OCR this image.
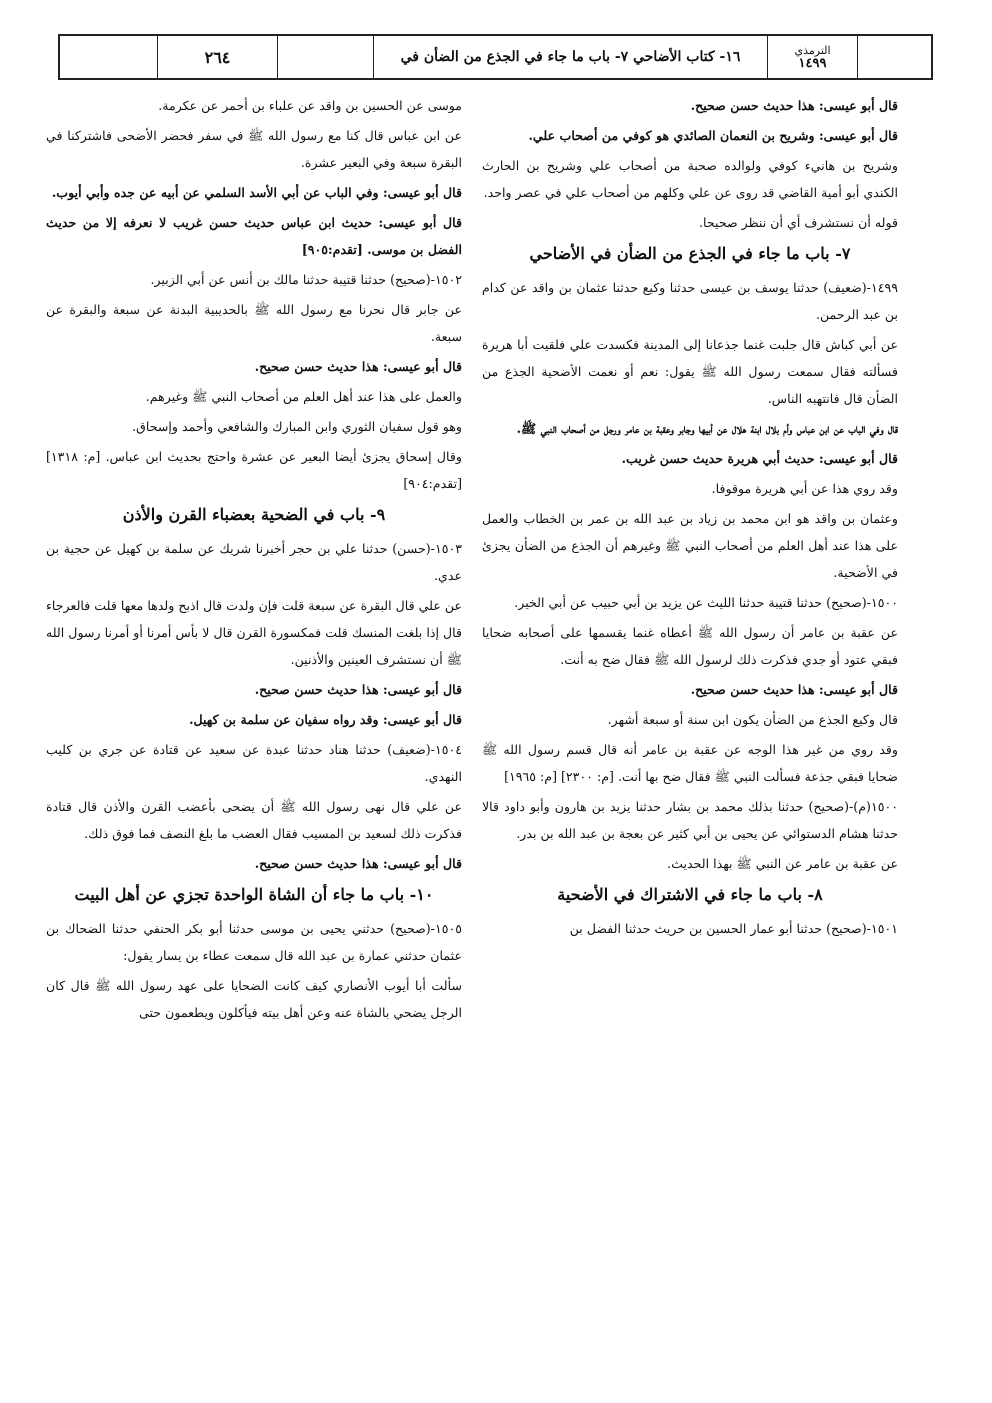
الترمذي
١٤٩٩
١٦- كتاب الأضاحي ٧- باب ما جاء في الجذع من الضأن في
٢٦٤

قال أبو عيسى: هذا حديث حسن صحيح.

قال أبو عيسى: وشريح بن النعمان الصائدي هو كوفي من أصحاب علي.

وشريح بن هانيء كوفي ولوالده صحبة من أصحاب علي وشريح بن الحارث الكندي أبو أمية القاضي قد روى عن علي وكلهم من أصحاب علي في عصر واحد.

قوله أن نستشرف أي أن ننظر صحيحا.

٧- باب ما جاء في الجذع من الضأن في الأضاحي

١٤٩٩-(ضعيف) حدثنا يوسف بن عيسى حدثنا وكيع حدثنا عثمان بن واقد عن كدام بن عبد الرحمن.

عن أبي كباش قال جلبت غنما جذعانا إلى المدينة فكسدت علي فلقيت أبا هريرة فسألته فقال سمعت رسول الله ﷺ يقول: نعم أو نعمت الأضحية الجذع من الضأن قال فانتهبه الناس.

قال وفي الباب عن ابن عباس وأم بلال ابنة هلال عن أبيها وجابر وعقبة بن عامر ورجل من أصحاب النبي ﷺ.

قال أبو عيسى: حديث أبي هريرة حديث حسن غريب.

وقد روي هذا عن أبي هريرة موقوفا.

وعثمان بن واقد هو ابن محمد بن زياد بن عبد الله بن عمر بن الخطاب والعمل على هذا عند أهل العلم من أصحاب النبي ﷺ وغيرهم أن الجذع من الضأن يجزئ في الأضحية.

١٥٠٠-(صحيح) حدثنا قتيبة حدثنا الليث عن يزيد بن أبي حبيب عن أبي الخير.

عن عقبة بن عامر أن رسول الله ﷺ أعطاه غنما يقسمها على أصحابه ضحايا فبقي عتود أو جدي فذكرت ذلك لرسول الله ﷺ فقال ضح به أنت.

قال أبو عيسى: هذا حديث حسن صحيح.

قال وكيع الجذع من الضأن يكون ابن سنة أو سبعة أشهر.

وقد روي من غير هذا الوجه عن عقبة بن عامر أنه قال قسم رسول الله ﷺ ضحايا فبقي جذعة فسألت النبي ﷺ فقال ضح بها أنت. [م: ٢٣٠٠] [م: ١٩٦٥]

١٥٠٠(م)-(صحيح) حدثنا بذلك محمد بن بشار حدثنا يزيد بن هارون وأبو داود قالا حدثنا هشام الدستوائي عن يحيى بن أبي كثير عن بعجة بن عبد الله بن بدر.

عن عقبة بن عامر عن النبي ﷺ بهذا الحديث.

٨- باب ما جاء في الاشتراك في الأضحية

١٥٠١-(صحيح) حدثنا أبو عمار الحسين بن حريث حدثنا الفضل بن

موسى عن الحسين بن واقد عن علباء بن أحمر عن عكرمة.

عن ابن عباس قال كنا مع رسول الله ﷺ في سفر فحضر الأضحى فاشتركنا في البقرة سبعة وفي البعير عشرة.

قال أبو عيسى: وفي الباب عن أبي الأسد السلمي عن أبيه عن جده وأبي أيوب.

قال أبو عيسى: حديث ابن عباس حديث حسن غريب لا نعرفه إلا من حديث الفضل بن موسى. [تقدم:٩٠٥]

١٥٠٢-(صحيح) حدثنا قتيبة حدثنا مالك بن أنس عن أبي الزبير.

عن جابر قال نحرنا مع رسول الله ﷺ بالحديبية البدنة عن سبعة والبقرة عن سبعة.

قال أبو عيسى: هذا حديث حسن صحيح.

والعمل على هذا عند أهل العلم من أصحاب النبي ﷺ وغيرهم.

وهو قول سفيان الثوري وابن المبارك والشافعي وأحمد وإسحاق.

وقال إسحاق يجزئ أيضا البعير عن عشرة واحتج بحديث ابن عباس. [م: ١٣١٨] [تقدم:٩٠٤]

٩- باب في الضحية بعضباء القرن والأذن

١٥٠٣-(حسن) حدثنا علي بن حجر أخبرنا شريك عن سلمة بن كهيل عن حجية بن عدي.

عن علي قال البقرة عن سبعة قلت فإن ولدت قال اذبح ولدها معها قلت فالعرجاء قال إذا بلغت المنسك قلت فمكسورة القرن قال لا بأس أمرنا أو أمرنا رسول الله ﷺ أن نستشرف العينين والأذنين.

قال أبو عيسى: هذا حديث حسن صحيح.

قال أبو عيسى: وقد رواه سفيان عن سلمة بن كهيل.

١٥٠٤-(ضعيف) حدثنا هناد حدثنا عبدة عن سعيد عن قتادة عن جري بن كليب النهدي.

عن علي قال نهى رسول الله ﷺ أن يضحى بأعضب القرن والأذن قال قتادة فذكرت ذلك لسعيد بن المسيب فقال العضب ما بلغ النصف فما فوق ذلك.

قال أبو عيسى: هذا حديث حسن صحيح.

١٠- باب ما جاء أن الشاة الواحدة تجزي عن أهل البيت

١٥٠٥-(صحيح) حدثني يحيى بن موسى حدثنا أبو بكر الحنفي حدثنا الضحاك بن عثمان حدثني عمارة بن عبد الله قال سمعت عطاء بن يسار يقول:

سألت أبا أيوب الأنصاري كيف كانت الضحايا على عهد رسول الله ﷺ قال كان الرجل يضحي بالشاة عنه وعن أهل بيته فيأكلون ويطعمون حتى
